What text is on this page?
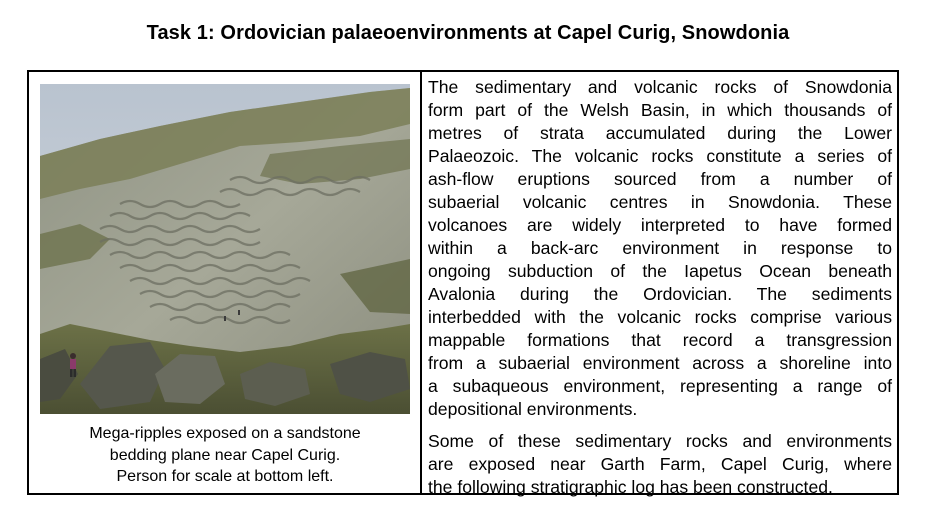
Task 1: Ordovician palaeoenvironments at Capel Curig, Snowdonia
Mega-ripples exposed on a sandstone
bedding plane near Capel Curig.
Person for scale at bottom left.
The sedimentary and volcanic rocks of Snowdonia
form part of the Welsh Basin, in which thousands of
metres of strata accumulated during the Lower
Palaeozoic. The volcanic rocks constitute a series of
ash-flow eruptions sourced from a number of
subaerial volcanic centres in Snowdonia. These
volcanoes are widely interpreted to have formed
within a back-arc environment in response to
ongoing subduction of the Iapetus Ocean beneath
Avalonia during the Ordovician. The sediments
interbedded with the volcanic rocks comprise various
mappable formations that record a transgression
from a subaerial environment across a shoreline into
a subaqueous environment, representing a range of
depositional environments.
Some of these sedimentary rocks and environments
are exposed near Garth Farm, Capel Curig, where
the following stratigraphic log has been constructed.
